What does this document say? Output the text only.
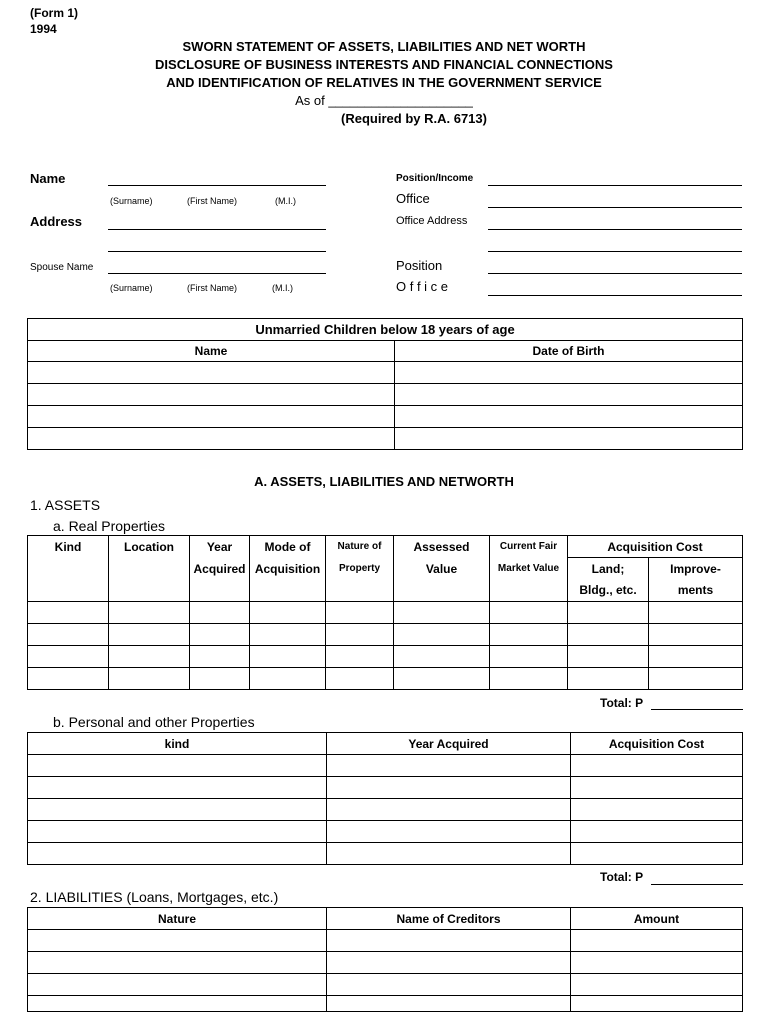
(Form 1)
1994
SWORN STATEMENT OF ASSETS, LIABILITIES AND NET WORTH
DISCLOSURE OF BUSINESS INTERESTS AND FINANCIAL CONNECTIONS
AND IDENTIFICATION OF RELATIVES IN THE GOVERNMENT SERVICE
As of ____________________
(Required by R.A. 6713)
Name
(Surname)	(First Name)	(M.I.)
Address
Spouse Name
(Surname)	(First Name)	(M.I.)
Position/Income
Office
Office Address
Position
O f f i c e
Unmarried Children below 18 years of age	
Name	Date of Birth

A. ASSETS, LIABILITIES AND NETWORTH
1. ASSETS
a. Real Properties
Kind	Location	Year	Mode of	Nature of	Assessed	Current Fair	Acquisition Cost	
		Acquired	Acquisition	Property	Value	Market Value	Land;	Improve-
							Bldg., etc.	ments

Total: P
b. Personal and other Properties
kind	Year Acquired	Acquisition Cost

Total: P
2. LIABILITIES (Loans, Mortgages, etc.)
Nature	Name of Creditors	Amount
